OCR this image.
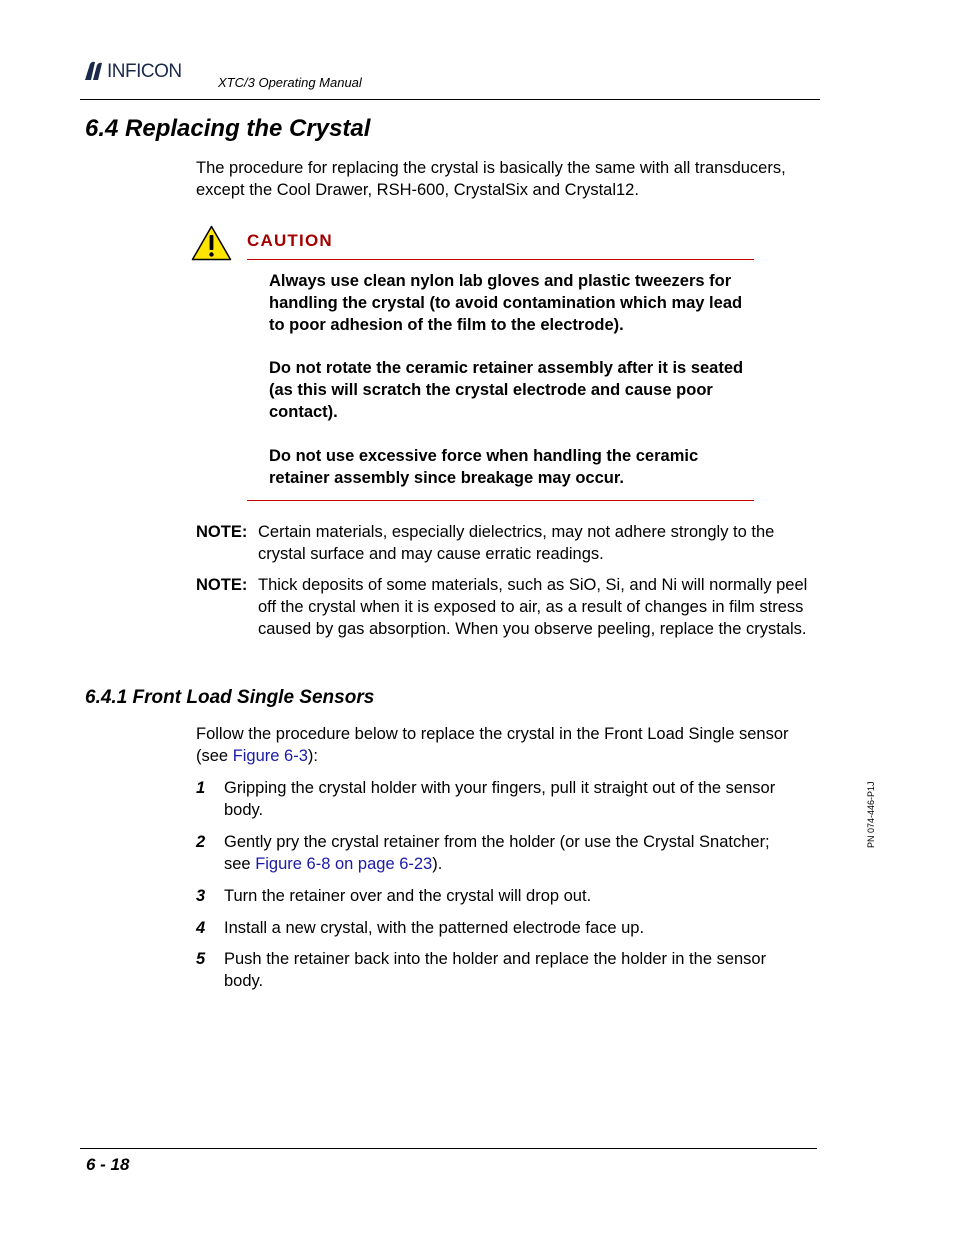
INFICON
XTC/3 Operating Manual
6.4 Replacing the Crystal
The procedure for replacing the crystal is basically the same with all transducers, except the Cool Drawer, RSH-600, CrystalSix and Crystal12.
CAUTION
Always use clean nylon lab gloves and plastic tweezers for handling the crystal (to avoid contamination which may lead to poor adhesion of the film to the electrode).
Do not rotate the ceramic retainer assembly after it is seated (as this will scratch the crystal electrode and cause poor contact).
Do not use excessive force when handling the ceramic retainer assembly since breakage may occur.
NOTE: Certain materials, especially dielectrics, may not adhere strongly to the crystal surface and may cause erratic readings.
NOTE: Thick deposits of some materials, such as SiO, Si, and Ni will normally peel off the crystal when it is exposed to air, as a result of changes in film stress caused by gas absorption. When you observe peeling, replace the crystals.
6.4.1 Front Load Single Sensors
Follow the procedure below to replace the crystal in the Front Load Single sensor (see Figure 6-3):
1	Gripping the crystal holder with your fingers, pull it straight out of the sensor body.
2	Gently pry the crystal retainer from the holder (or use the Crystal Snatcher; see Figure 6-8 on page 6-23).
3	Turn the retainer over and the crystal will drop out.
4	Install a new crystal, with the patterned electrode face up.
5	Push the retainer back into the holder and replace the holder in the sensor body.
PN 074-446-P1J
6 - 18
